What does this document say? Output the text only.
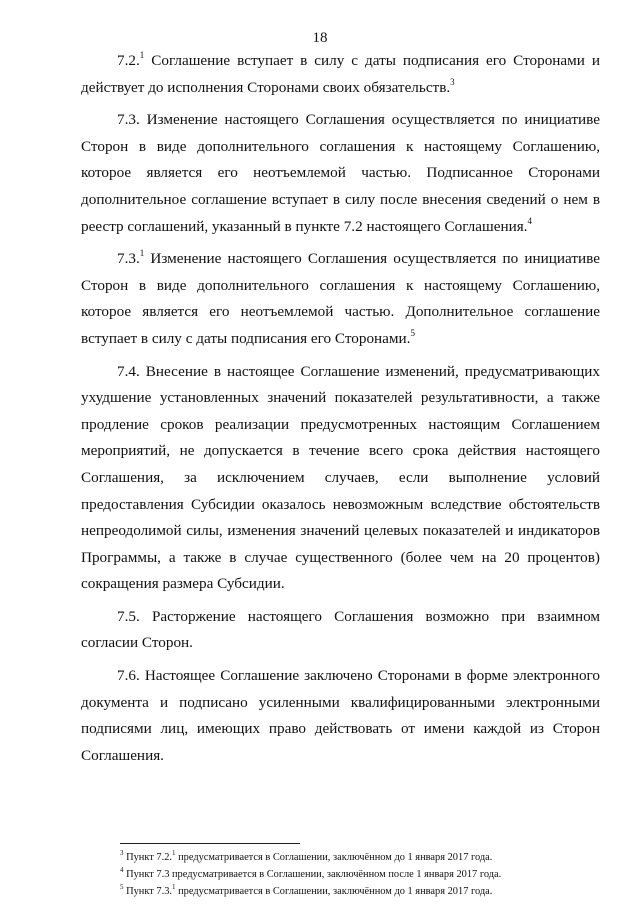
18

7.2.$^1$ Соглашение вступает в силу с даты подписания его Сторонами и действует до исполнения Сторонами своих обязательств.$^3$

7.3. Изменение настоящего Соглашения осуществляется по инициативе Сторон в виде дополнительного соглашения к настоящему Соглашению, которое является его неотъемлемой частью. Подписанное Сторонами дополнительное соглашение вступает в силу после внесения сведений о нем в реестр соглашений, указанный в пункте 7.2 настоящего Соглашения.$^4$

7.3.$^1$ Изменение настоящего Соглашения осуществляется по инициативе Сторон в виде дополнительного соглашения к настоящему Соглашению, которое является его неотъемлемой частью. Дополнительное соглашение вступает в силу с даты подписания его Сторонами.$^5$

7.4. Внесение в настоящее Соглашение изменений, предусматривающих ухудшение установленных значений показателей результативности, а также продление сроков реализации предусмотренных настоящим Соглашением мероприятий, не допускается в течение всего срока действия настоящего Соглашения, за исключением случаев, если выполнение условий предоставления Субсидии оказалось невозможным вследствие обстоятельств непреодолимой силы, изменения значений целевых показателей и индикаторов Программы, а также в случае существенного (более чем на 20 процентов) сокращения размера Субсидии.

7.5. Расторжение настоящего Соглашения возможно при взаимном согласии Сторон.

7.6. Настоящее Соглашение заключено Сторонами в форме электронного документа и подписано усиленными квалифицированными электронными подписями лиц, имеющих право действовать от имени каждой из Сторон Соглашения.

$^3$ Пункт 7.2.$^1$ предусматривается в Соглашении, заключённом до 1 января 2017 года.

$^4$ Пункт 7.3 предусматривается в Соглашении, заключённом после 1 января 2017 года.

$^5$ Пункт 7.3.$^1$ предусматривается в Соглашении, заключённом до 1 января 2017 года.
